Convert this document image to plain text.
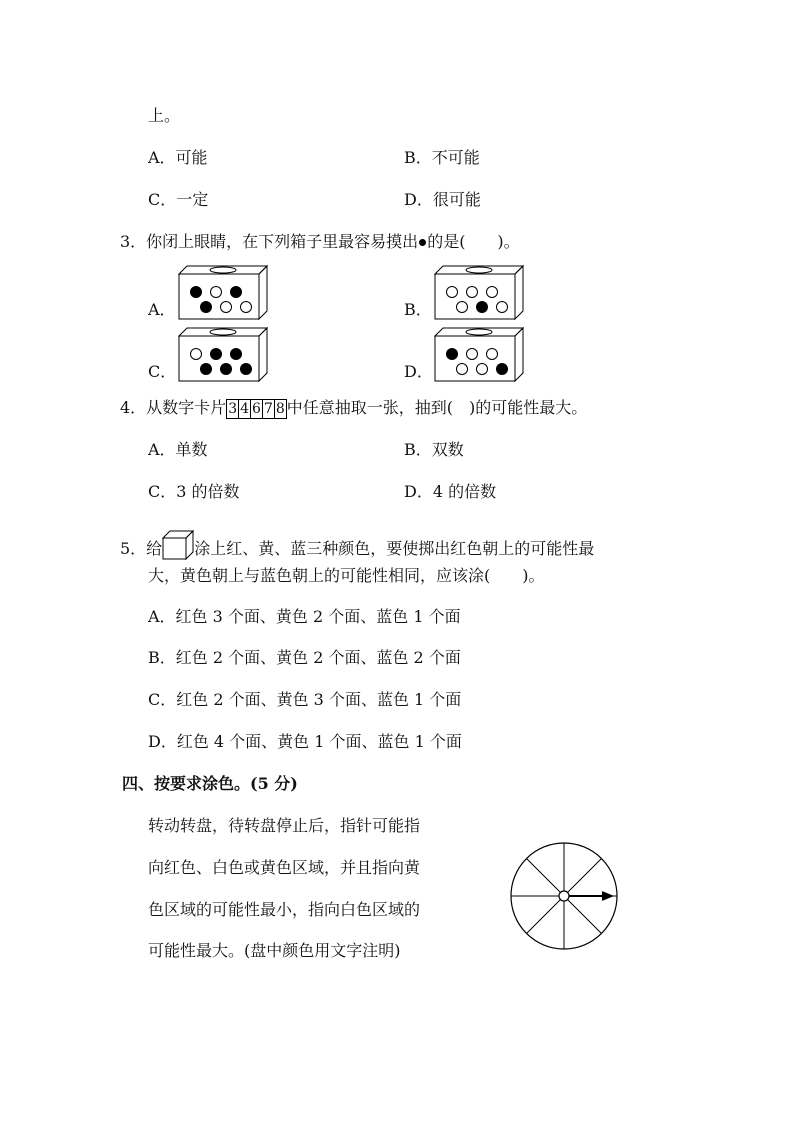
上。
A．可能	B．不可能
C．一定	D．很可能
3．你闭上眼睛，在下列箱子里最容易摸出 的是(　　)。
A．	B．
C．	D．
4．从数字卡片 3 4 6 7 8 中任意抽取一张，抽到(　)的可能性最大。
A．单数	B．双数
C．3 的倍数	D．4 的倍数
5．给 涂上红、黄、蓝三种颜色，要使掷出红色朝上的可能性最
大，黄色朝上与蓝色朝上的可能性相同，应该涂(　　)。
A．红色 3 个面、黄色 2 个面、蓝色 1 个面
B．红色 2 个面、黄色 2 个面、蓝色 2 个面
C．红色 2 个面、黄色 3 个面、蓝色 1 个面
D．红色 4 个面、黄色 1 个面、蓝色 1 个面
四、按要求涂色。(5 分)
转动转盘，待转盘停止后，指针可能指
向红色、白色或黄色区域，并且指向黄
色区域的可能性最小，指向白色区域的
可能性最大。(盘中颜色用文字注明)
